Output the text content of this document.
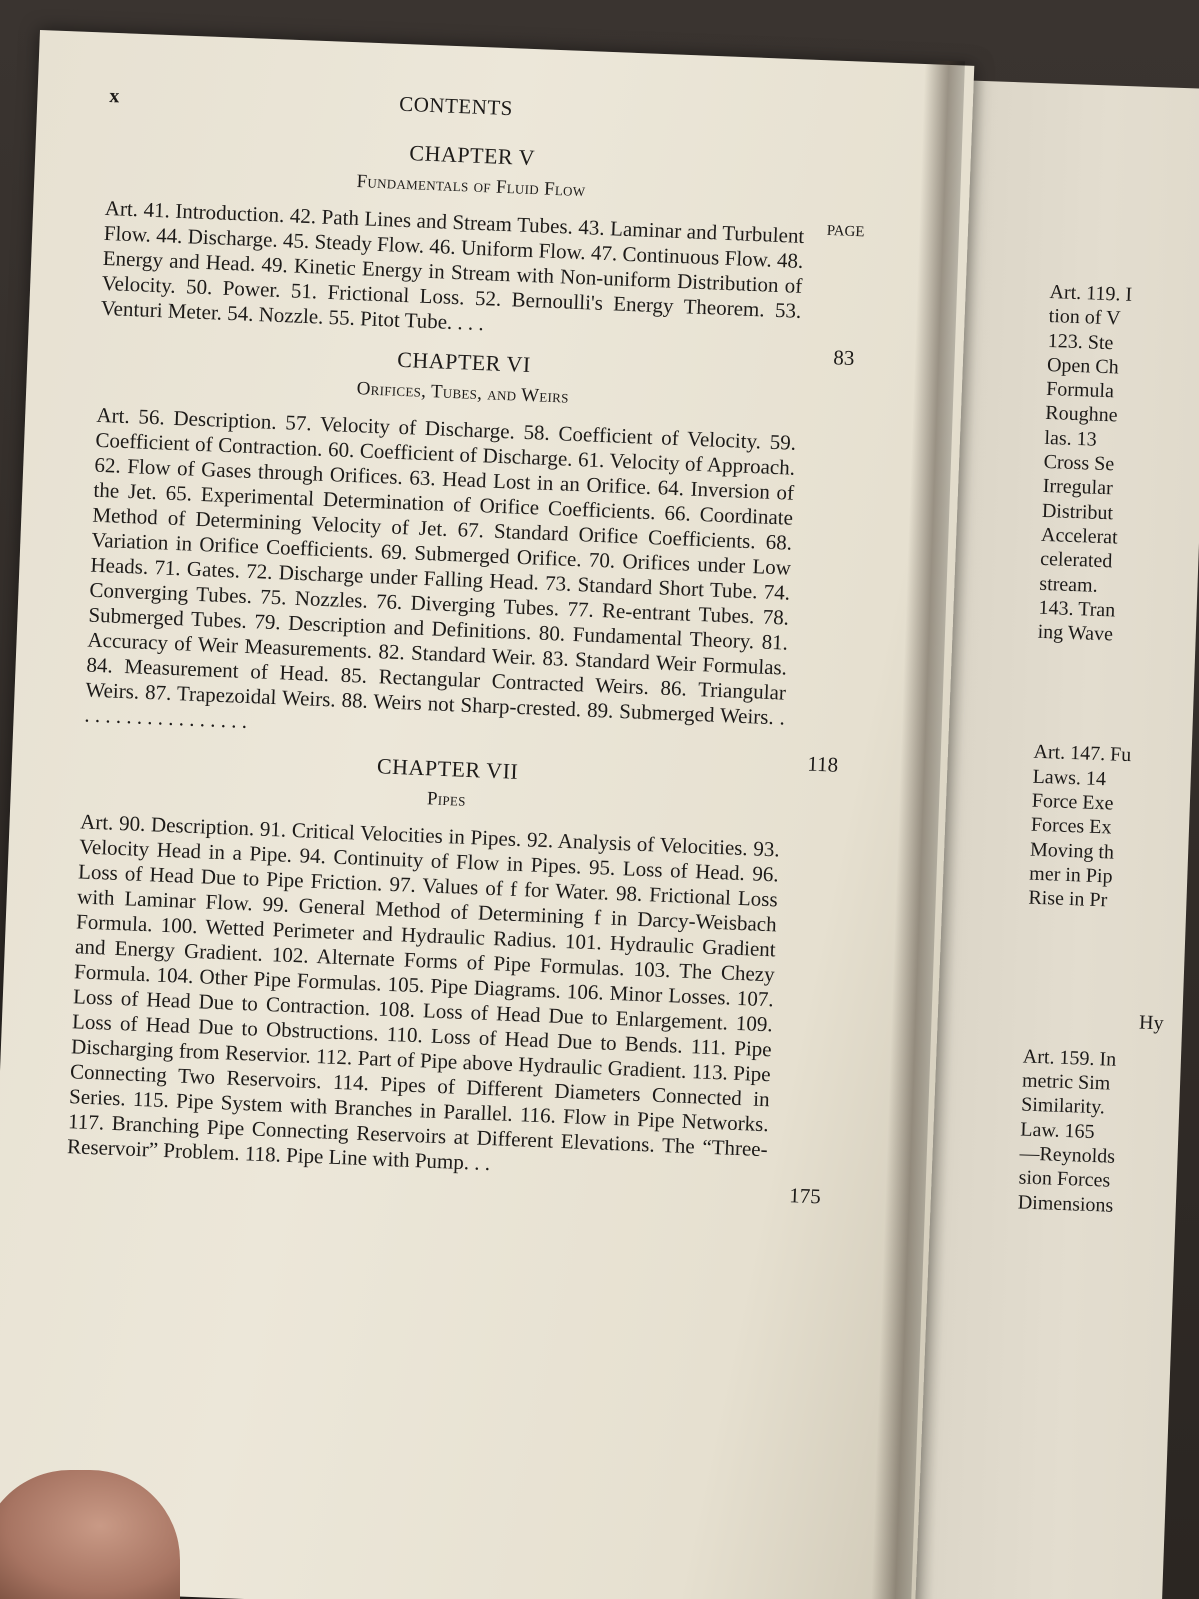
x	CONTENTS
CHAPTER V
Fundamentals of Fluid Flow
PAGE
Art. 41. Introduction. 42. Path Lines and Stream Tubes. 43. Laminar and Turbulent Flow. 44. Discharge. 45. Steady Flow. 46. Uniform Flow. 47. Continuous Flow. 48. Energy and Head. 49. Kinetic Energy in Stream with Non-uniform Distribution of Velocity. 50. Power. 51. Frictional Loss. 52. Bernoulli's Energy Theorem. 53. Venturi Meter. 54. Nozzle. 55. Pitot Tube. . . .
83
CHAPTER VI
Orifices, Tubes, and Weirs
Art. 56. Description. 57. Velocity of Discharge. 58. Coefficient of Velocity. 59. Coefficient of Contraction. 60. Coefficient of Discharge. 61. Velocity of Approach. 62. Flow of Gases through Orifices. 63. Head Lost in an Orifice. 64. Inversion of the Jet. 65. Experimental Determination of Orifice Coefficients. 66. Coordinate Method of Determining Velocity of Jet. 67. Standard Orifice Coefficients. 68. Variation in Orifice Coefficients. 69. Submerged Orifice. 70. Orifices under Low Heads. 71. Gates. 72. Discharge under Falling Head. 73. Standard Short Tube. 74. Converging Tubes. 75. Nozzles. 76. Diverging Tubes. 77. Re-entrant Tubes. 78. Submerged Tubes. 79. Description and Definitions. 80. Fundamental Theory. 81. Accuracy of Weir Measurements. 82. Standard Weir. 83. Standard Weir Formulas. 84. Measurement of Head. 85. Rectangular Contracted Weirs. 86. Triangular Weirs. 87. Trapezoidal Weirs. 88. Weirs not Sharp-crested. 89. Submerged Weirs. . . . . . . . . . . . . . . . . .
118
CHAPTER VII
Pipes
Art. 90. Description. 91. Critical Velocities in Pipes. 92. Analysis of Velocities. 93. Velocity Head in a Pipe. 94. Continuity of Flow in Pipes. 95. Loss of Head. 96. Loss of Head Due to Pipe Friction. 97. Values of f for Water. 98. Frictional Loss with Laminar Flow. 99. General Method of Determining f in Darcy-Weisbach Formula. 100. Wetted Perimeter and Hydraulic Radius. 101. Hydraulic Gradient and Energy Gradient. 102. Alternate Forms of Pipe Formulas. 103. The Chezy Formula. 104. Other Pipe Formulas. 105. Pipe Diagrams. 106. Minor Losses. 107. Loss of Head Due to Contraction. 108. Loss of Head Due to Enlargement. 109. Loss of Head Due to Obstructions. 110. Loss of Head Due to Bends. 111. Pipe Discharging from Reservior. 112. Part of Pipe above Hydraulic Gradient. 113. Pipe Connecting Two Reservoirs. 114. Pipes of Different Diameters Connected in Series. 115. Pipe System with Branches in Parallel. 116. Flow in Pipe Networks. 117. Branching Pipe Connecting Reservoirs at Different Elevations. The “Three-Reservoir” Problem. 118. Pipe Line with Pump. . .
175
Art. 119. I
tion of V
123. Ste
Open Ch
Formula
Roughne
las. 13
Cross Se
Irregular
Distribut
Accelerat
celerated
stream.
143. Tran
ing Wave
Art. 147. Fu
Laws. 14
Force Exe
Forces Ex
Moving th
mer in Pip
Rise in Pr
Hy
Art. 159. In
metric Sim
Similarity.
Law. 165
—Reynolds
sion Forces
Dimensions
